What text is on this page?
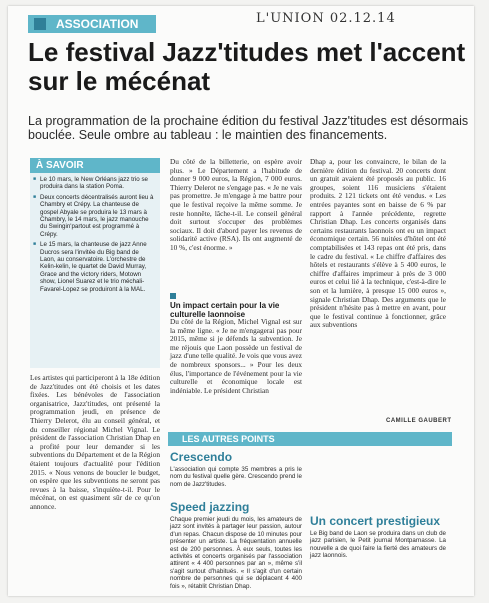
ASSOCIATION	L'UNION 02.12.14
Le festival Jazz'titudes met l'accent sur le mécénat

La programmation de la prochaine édition du festival Jazz'titudes est désormais bouclée. Seule ombre au tableau : le maintien des financements.

À SAVOIR
■ Le 10 mars, le New Orléans jazz trio se produira dans la station Poma.
■ Deux concerts décentralisés auront lieu à Chambry et Crépy. La chanteuse de gospel Abyale se produira le 13 mars à Chambry, le 14 mars, le jazz manouche du Swingin'partout est programmé à Crépy.
■ Le 15 mars, la chanteuse de jazz Anne Ducros sera l'invitée du Big band de Laon, au conservatoire. L'orchestre de Kelin-kelin, le quartet de David Murray, Grace and the victory riders, Motown show, Lionel Suarez et le trio méchali-Favarel-Lopez se produiront à la MAL.

Les artistes qui participeront à la 18e édition de Jazz'titudes ont été choisis et les dates fixées. Les bénévoles de l'association organisatrice, Jazz'titudes, ont présenté la programmation jeudi, en présence de Thierry Delerot, élu au conseil général, et du conseiller régional Michel Vignal. Le président de l'association Christian Dhap en a profité pour leur demander si les subventions du Département et de la Région étaient toujours d'actualité pour l'édition 2015. « Nous venons de boucler le budget, on espère que les subventions ne seront pas revues à la baisse, s'inquiète-t-il. Pour le mécénat, on est quasiment sûr de ce qu'on annonce.

Du côté de la billetterie, on espère avoir plus. » Le Département a l'habitude de donner 9 000 euros, la Région, 7 000 euros. Thierry Delerot ne s'engage pas. « Je ne vais pas promettre. Je m'engage à me battre pour que le festival reçoive la même somme. Je reste honnête, lâche-t-il. Le conseil général doit surtout s'occuper des problèmes sociaux. Il doit d'abord payer les revenus de solidarité active (RSA). Ils ont augmenté de 10 %, c'est énorme. »

Un impact certain pour la vie culturelle laonnoise

Du côté de la Région, Michel Vignal est sur la même ligne. « Je ne m'engagerai pas pour 2015, même si je défends la subvention. Je me réjouis que Laon possède un festival de jazz d'une telle qualité. Je vois que vous avez de nombreux sponsors... » Pour les deux élus, l'importance de l'événement pour la vie culturelle et économique locale est indéniable. Le président Christian

Dhap a, pour les convaincre, le bilan de la dernière édition du festival. 20 concerts dont un gratuit avaient été proposés au public. 16 groupes, soient 116 musiciens s'étaient produits. 2 121 tickets ont été vendus. « Les entrées payantes sont en baisse de 6 % par rapport à l'année précédente, regrette Christian Dhap. Les concerts organisés dans certains restaurants laonnois ont eu un impact économique certain. 56 nuitées d'hôtel ont été comptabilisées et 143 repas ont été pris, dans le cadre du festival. « Le chiffre d'affaires des hôtels et restaurants s'élève à 5 400 euros, le chiffre d'affaires imprimeur à près de 3 000 euros et celui lié à la technique, c'est-à-dire le son et la lumière, à presque 15 000 euros », signale Christian Dhap. Des arguments que le président n'hésite pas à mettre en avant, pour que le festival continue à fonctionner, grâce aux subventions

CAMILLE GAUBERT
LES AUTRES POINTS
Crescendo
L'association qui compte 35 membres a pris le nom du festival quelle gère. Crescendo prend le nom de Jazz'titudes.
Speed jazzing
Chaque premier jeudi du mois, les amateurs de jazz sont invités à partager leur passion, autour d'un repas. Chacun dispose de 10 minutes pour présenter un artiste. La fréquentation annuelle est de 200 personnes. À eux seuls, toutes les activités et concerts organisés par l'association attirent « 4 400 personnes par an », même s'il s'agit surtout d'habitués. « Il s'agit d'un certain nombre de personnes qui se déplacent 4 400 fois », rétablit Christian Dhap.
Un concert prestigieux
Le Big band de Laon se produira dans un club de jazz parisien, le Petit journal Montparnasse. La nouvelle a de quoi faire la fierté des amateurs de jazz laonnois.
